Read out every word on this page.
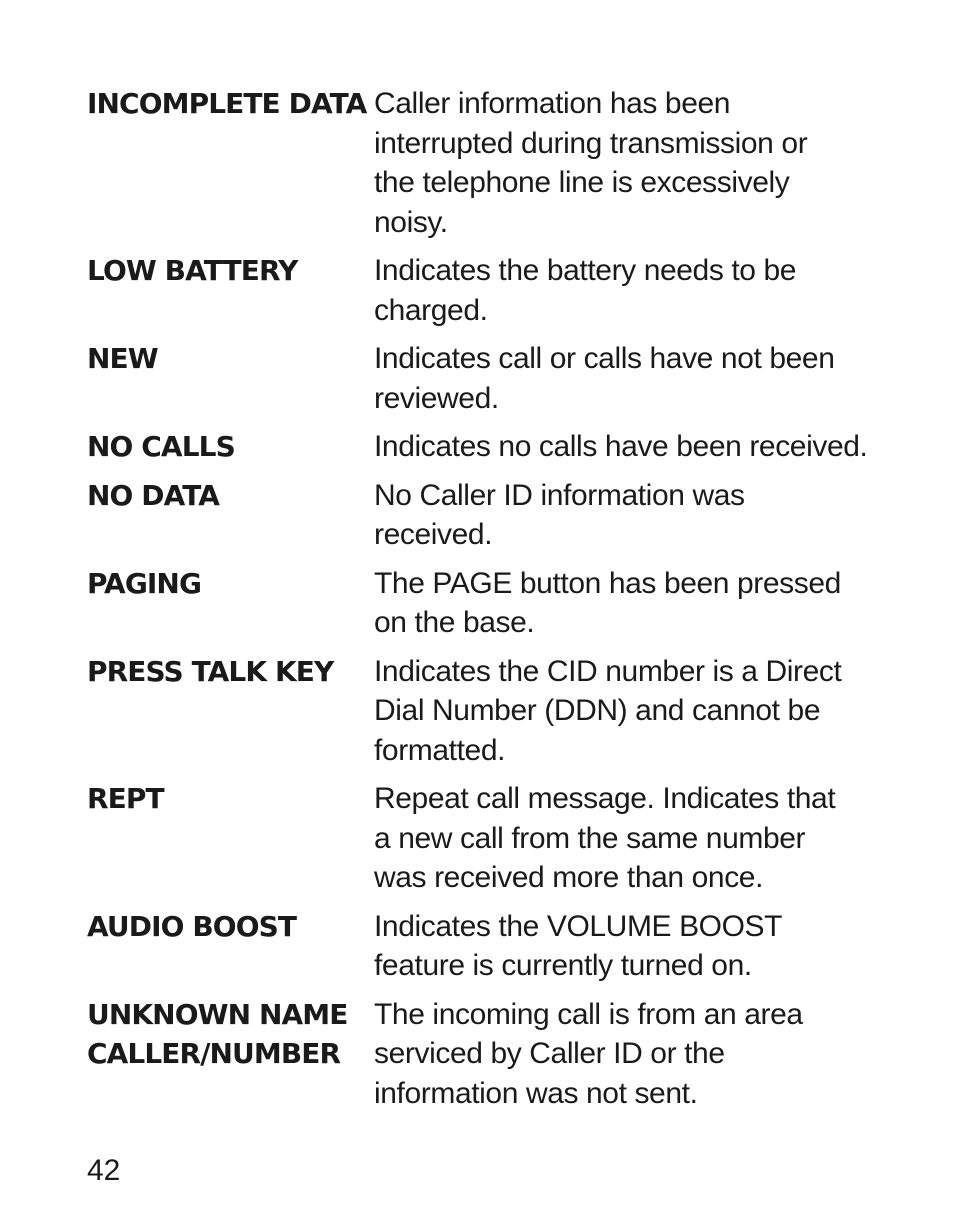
INCOMPLETE DATA Caller information has been
interrupted during transmission or
the telephone line is excessively
noisy.
LOW BATTERY	Indicates the battery needs to be
charged.
NEW	Indicates call or calls have not been
reviewed.
NO CALLS	Indicates no calls have been received.
NO DATA	No Caller ID information was
received.
PAGING	The PAGE button has been pressed
on the base.
PRESS TALK KEY	Indicates the CID number is a Direct
Dial Number (DDN) and cannot be
formatted.
REPT	Repeat call message. Indicates that
a new call from the same number
was received more than once.
AUDIO BOOST	Indicates the VOLUME BOOST
feature is currently turned on.
UNKNOWN NAME
CALLER/NUMBER
The incoming call is from an area
serviced by Caller ID or the
information was not sent.
42
